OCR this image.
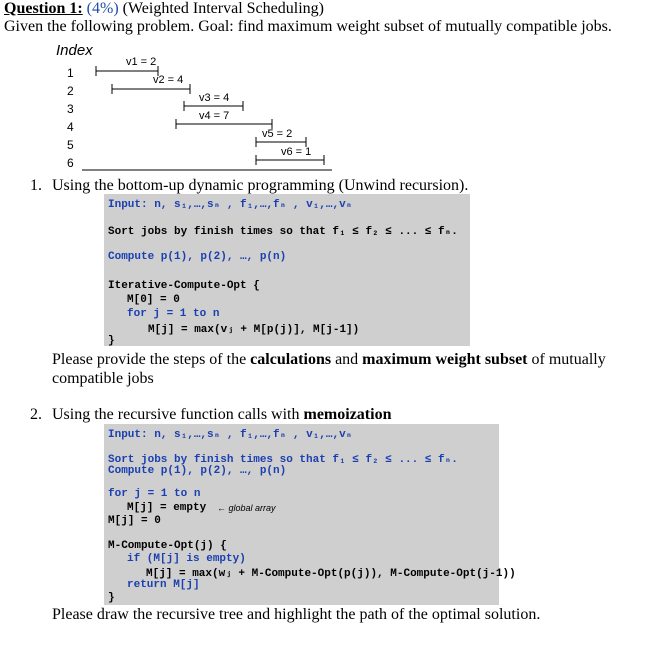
Question 1: (4%) (Weighted Interval Scheduling)
Given the following problem. Goal: find maximum weight subset of mutually compatible jobs.
Index
1
2
3
4
5
6
v1 = 2
v2 = 4
v3 = 4
v4 = 7
v5 = 2
v6 = 1
1. Using the bottom-up dynamic programming (Unwind recursion).
Input: n, s₁,…,sₙ , f₁,…,fₙ , v₁,…,vₙ
Sort jobs by finish times so that f₁ ≤ f₂ ≤ ... ≤ fₙ.
Compute p(1), p(2), …, p(n)
Iterative-Compute-Opt {
M[0] = 0
for j = 1 to n
M[j] = max(vⱼ + M[p(j)], M[j-1])
}
Please provide the steps of the calculations and maximum weight subset of mutually
compatible jobs
2. Using the recursive function calls with memoization
Input: n, s₁,…,sₙ , f₁,…,fₙ , v₁,…,vₙ
Sort jobs by finish times so that f₁ ≤ f₂ ≤ ... ≤ fₙ.
Compute p(1), p(2), …, p(n)
for j = 1 to n
M[j] = empty ← global array
M[j] = 0
M-Compute-Opt(j) {
if (M[j] is empty)
M[j] = max(wⱼ + M-Compute-Opt(p(j)), M-Compute-Opt(j-1))
return M[j]
}
Please draw the recursive tree and highlight the path of the optimal solution.
